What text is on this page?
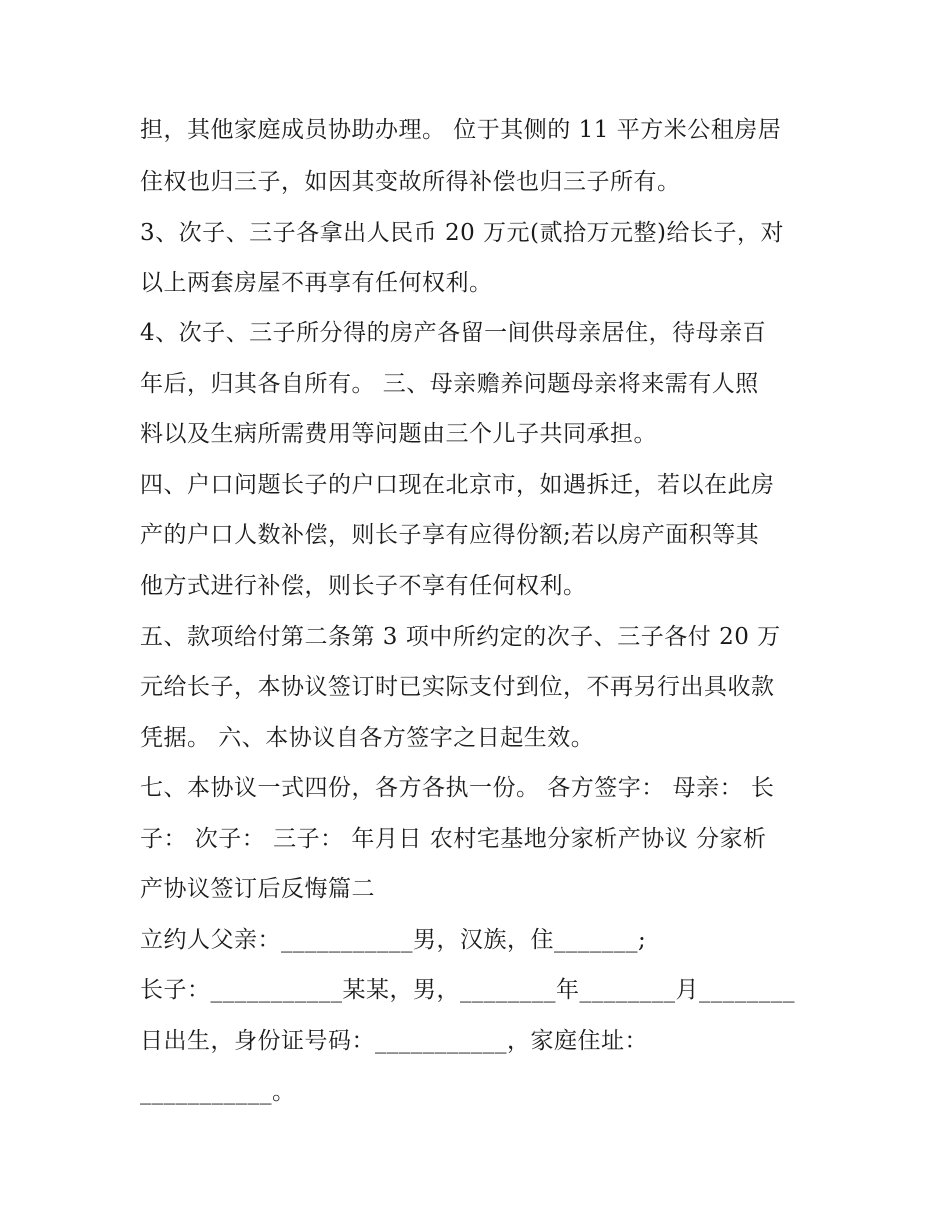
担，其他家庭成员协助办理。 位于其侧的 11 平方米公租房居
住权也归三子，如因其变故所得补偿也归三子所有。
3、次子、三子各拿出人民币 20 万元(贰拾万元整)给长子，对
以上两套房屋不再享有任何权利。
4、次子、三子所分得的房产各留一间供母亲居住，待母亲百
年后，归其各自所有。 三、母亲赡养问题母亲将来需有人照
料以及生病所需费用等问题由三个儿子共同承担。
四、户口问题长子的户口现在北京市，如遇拆迁，若以在此房
产的户口人数补偿，则长子享有应得份额;若以房产面积等其
他方式进行补偿，则长子不享有任何权利。
五、款项给付第二条第 3 项中所约定的次子、三子各付 20 万
元给长子，本协议签订时已实际支付到位，不再另行出具收款
凭据。 六、本协议自各方签字之日起生效。
七、本协议一式四份，各方各执一份。 各方签字： 母亲： 长
子： 次子： 三子： 年月日 农村宅基地分家析产协议 分家析
产协议签订后反悔篇二
立约人父亲：___________男，汉族，住_______;
长子：___________某某，男，________年________月________
日出生，身份证号码：___________，家庭住址：
___________。
